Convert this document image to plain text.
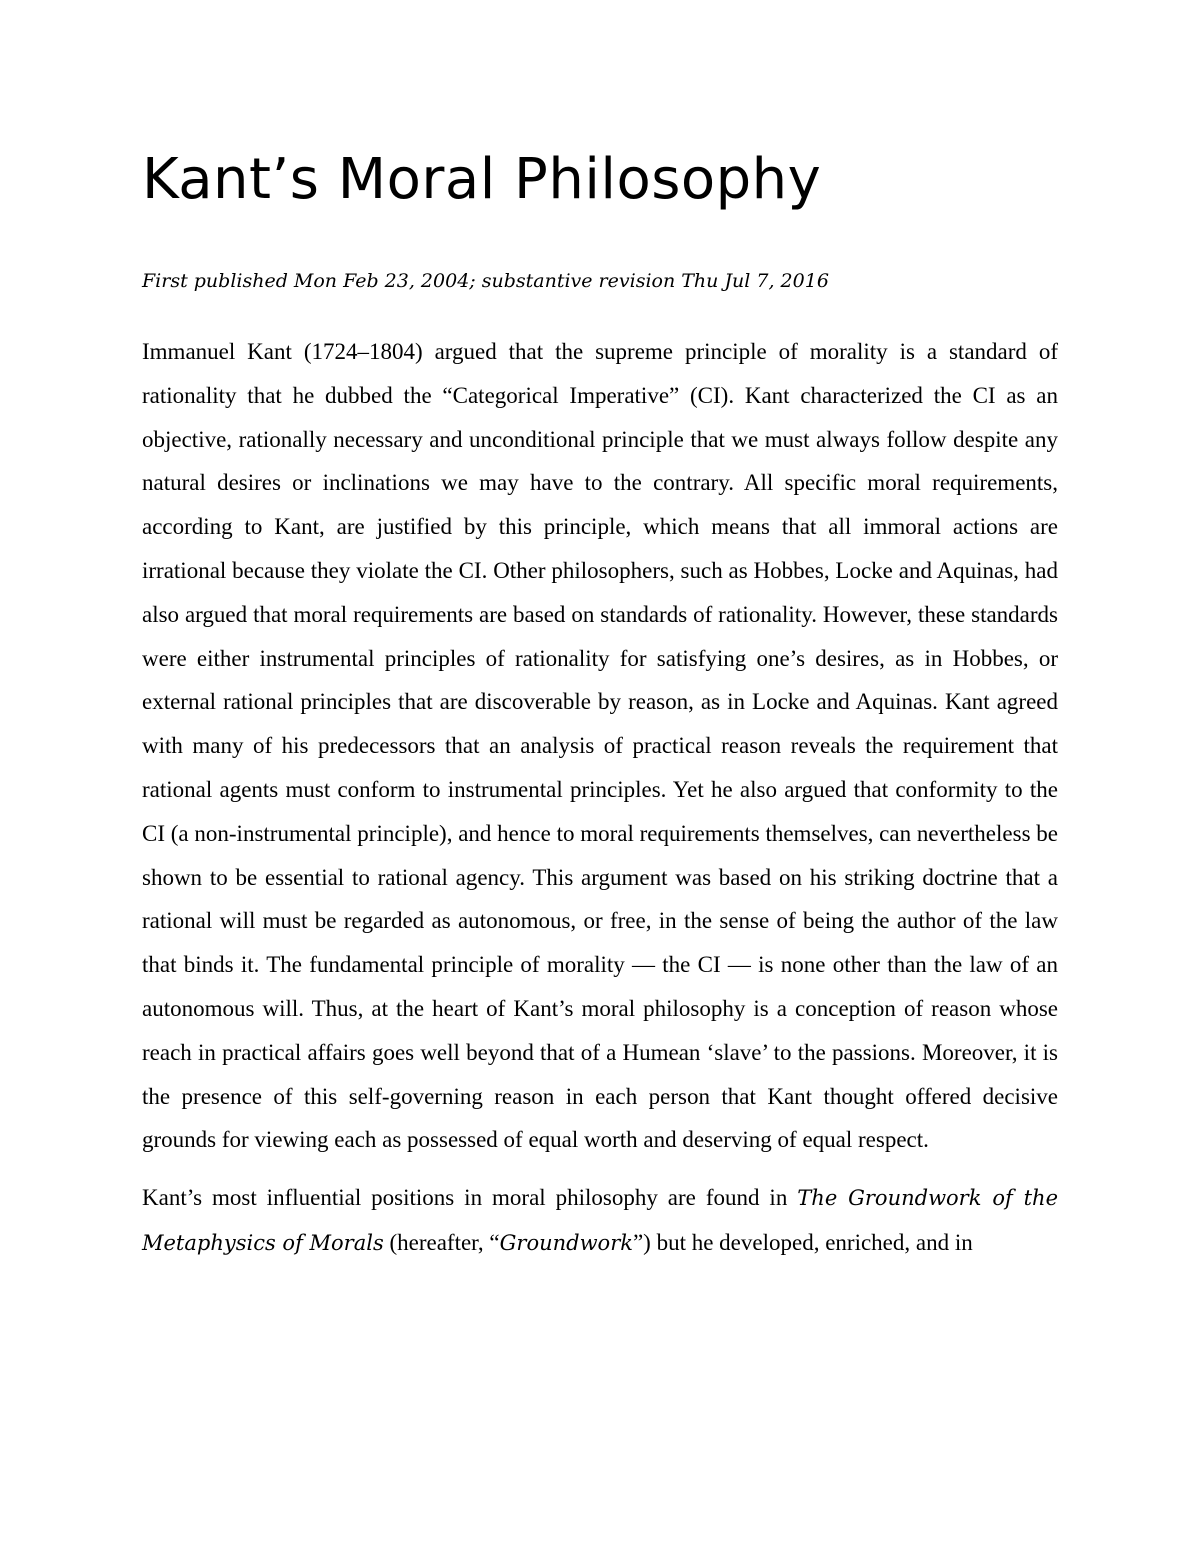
Kant’s Moral Philosophy

First published Mon Feb 23, 2004; substantive revision Thu Jul 7, 2016

Immanuel Kant (1724–1804) argued that the supreme principle of morality is a standard of rationality that he dubbed the “Categorical Imperative” (CI). Kant characterized the CI as an objective, rationally necessary and unconditional principle that we must always follow despite any natural desires or inclinations we may have to the contrary. All specific moral requirements, according to Kant, are justified by this principle, which means that all immoral actions are irrational because they violate the CI. Other philosophers, such as Hobbes, Locke and Aquinas, had also argued that moral requirements are based on standards of rationality. However, these standards were either instrumental principles of rationality for satisfying one’s desires, as in Hobbes, or external rational principles that are discoverable by reason, as in Locke and Aquinas. Kant agreed with many of his predecessors that an analysis of practical reason reveals the requirement that rational agents must conform to instrumental principles. Yet he also argued that conformity to the CI (a non-instrumental principle), and hence to moral requirements themselves, can nevertheless be shown to be essential to rational agency. This argument was based on his striking doctrine that a rational will must be regarded as autonomous, or free, in the sense of being the author of the law that binds it. The fundamental principle of morality — the CI — is none other than the law of an autonomous will. Thus, at the heart of Kant’s moral philosophy is a conception of reason whose reach in practical affairs goes well beyond that of a Humean ‘slave’ to the passions. Moreover, it is the presence of this self-governing reason in each person that Kant thought offered decisive grounds for viewing each as possessed of equal worth and deserving of equal respect.

Kant’s most influential positions in moral philosophy are found in The Groundwork of the Metaphysics of Morals (hereafter, “Groundwork”) but he developed, enriched, and in
